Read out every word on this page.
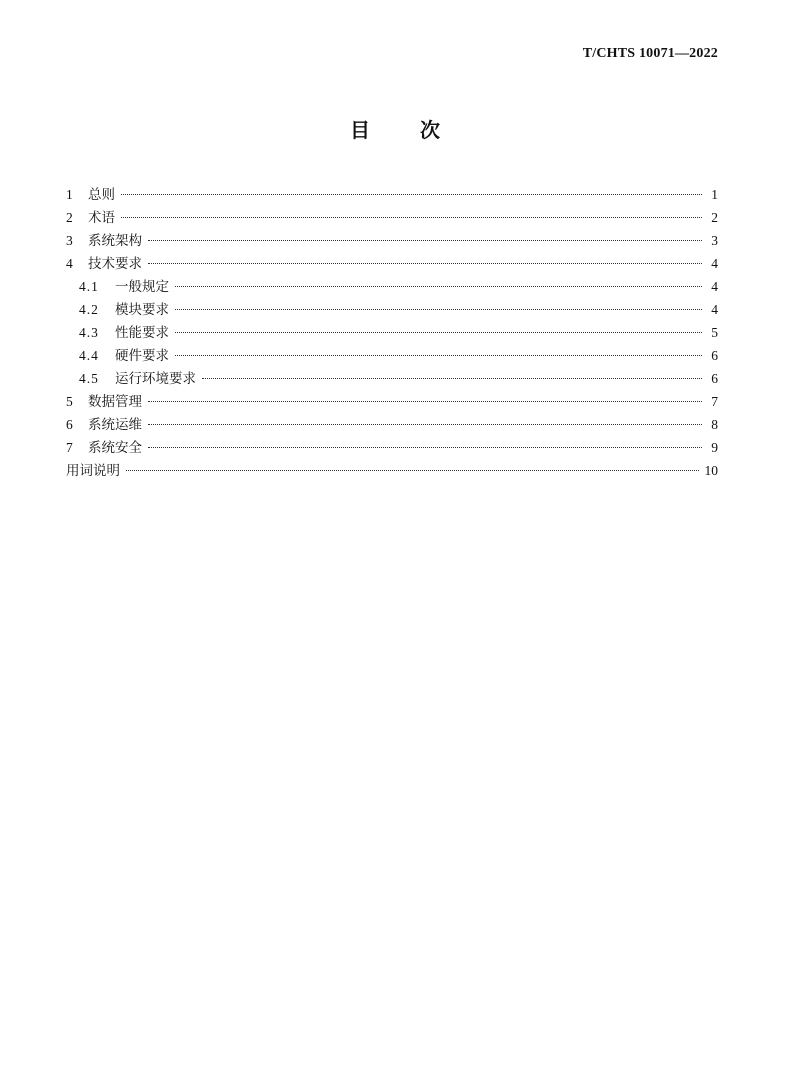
T/CHTS 10071—2022
目	次
1	总则	1
2	术语	2
3	系统架构	3
4	技术要求	4
4.1	一般规定	4
4.2	模块要求	4
4.3	性能要求	5
4.4	硬件要求	6
4.5	运行环境要求	6
5	数据管理	7
6	系统运维	8
7	系统安全	9
用词说明	10
